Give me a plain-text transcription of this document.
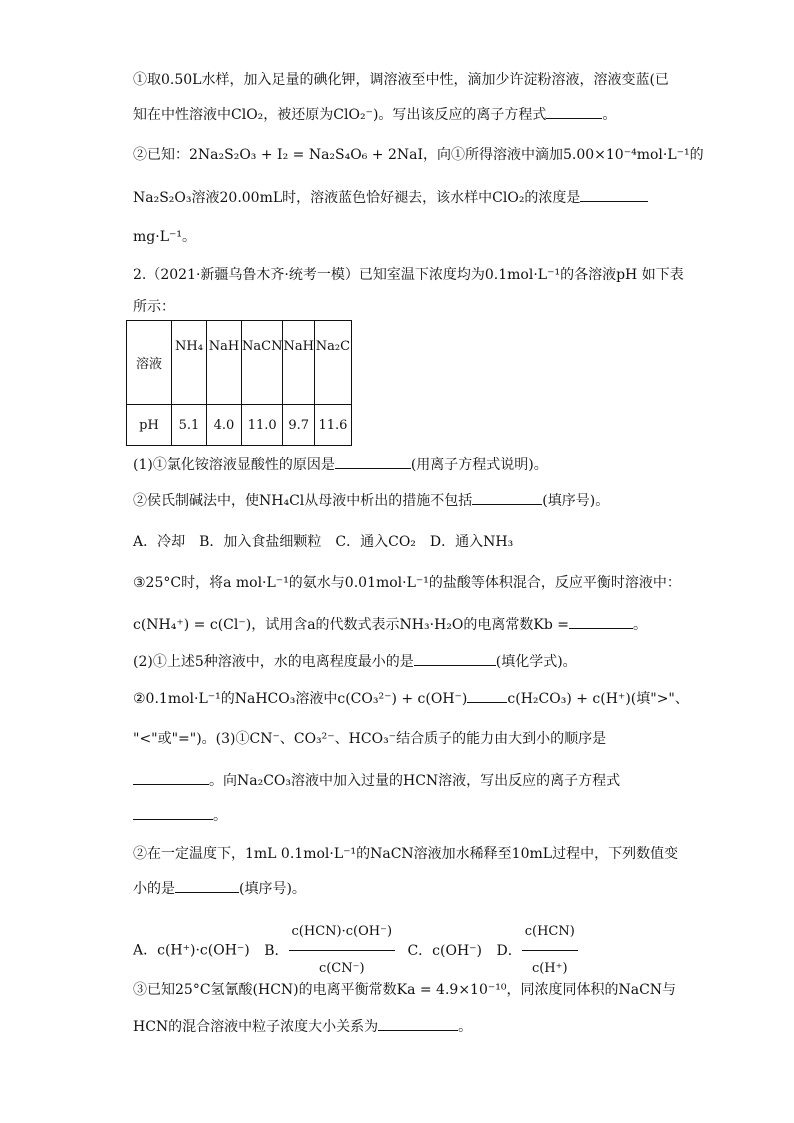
①取0.50L水样，加入足量的碘化钾，调溶液至中性，滴加少许淀粉溶液，溶液变蓝(已
知在中性溶液中ClO₂，被还原为ClO₂⁻)。写出该反应的离子方程式	。
②已知：2Na₂S₂O₃ + I₂ = Na₂S₄O₆ + 2NaI，向①所得溶液中滴加5.00×10⁻⁴mol·L⁻¹的
Na₂S₂O₃溶液20.00mL时，溶液蓝色恰好褪去，该水样中ClO₂的浓度是
mg·L⁻¹。
2.（2021·新疆乌鲁木齐·统考一模）已知室温下浓度均为0.1mol·L⁻¹的各溶液pH 如下表
所示：
溶液	NH₄	NaH	NaCN	NaH	Na₂C
pH	5.1	4.0	11.0	9.7	11.6
(1)①氯化铵溶液显酸性的原因是	(用离子方程式说明)。
②侯氏制碱法中，使NH₄Cl从母液中析出的措施不包括	(填序号)。
A．冷却　B．加入食盐细颗粒　C．通入CO₂　D．通入NH₃
③25°C时，将a mol·L⁻¹的氨水与0.01mol·L⁻¹的盐酸等体积混合，反应平衡时溶液中：
c(NH₄⁺) = c(Cl⁻)，试用含a的代数式表示NH₃·H₂O的电离常数Kb =	。
(2)①上述5种溶液中，水的电离程度最小的是	(填化学式)。
②0.1mol·L⁻¹的NaHCO₃溶液中c(CO₃²⁻) + c(OH⁻)	c(H₂CO₃) + c(H⁺)(填">"、
"<"或"=")。(3)①CN⁻、CO₃²⁻、HCO₃⁻结合质子的能力由大到小的顺序是
。向Na₂CO₃溶液中加入过量的HCN溶液，写出反应的离子方程式
。
②在一定温度下，1mL 0.1mol·L⁻¹的NaCN溶液加水稀释至10mL过程中，下列数值变
小的是	(填序号)。
A．c(H⁺)·c(OH⁻) B． $\frac{\text{c(HCN)·c(OH⁻)}}{c(CN^-)}$ C．c(OH⁻) D． $\frac{\text{c(HCN)}}{c(H^+)}$
③已知25°C氢氰酸(HCN)的电离平衡常数Ka = 4.9×10⁻¹⁰，同浓度同体积的NaCN与
HCN的混合溶液中粒子浓度大小关系为	。
